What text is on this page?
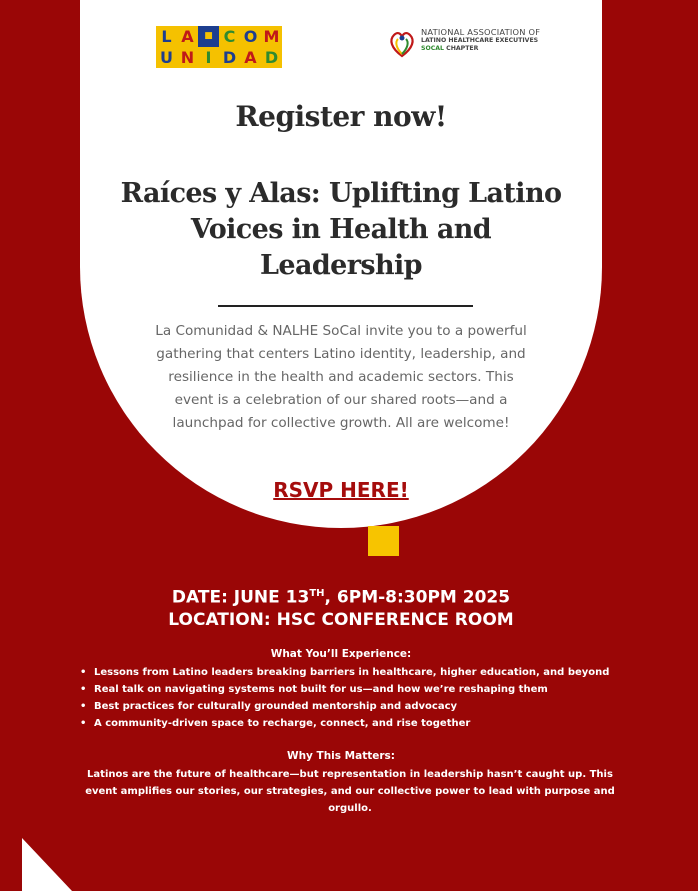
L A	■ C O M
U N I D A D
NATIONAL ASSOCIATION OF
LATINO HEALTHCARE EXECUTIVES
SOCAL CHAPTER
Register now!
Raíces y Alas: Uplifting Latino Voices in Health and Leadership
La Comunidad & NALHE SoCal invite you to a powerful gathering that centers Latino identity, leadership, and resilience in the health and academic sectors. This event is a celebration of our shared roots—and a launchpad for collective growth. All are welcome!
RSVP HERE!
DATE: JUNE 13TH, 6PM-8:30PM 2025
LOCATION: HSC CONFERENCE ROOM
What You’ll Experience:
• Lessons from Latino leaders breaking barriers in healthcare, higher education, and beyond
• Real talk on navigating systems not built for us—and how we’re reshaping them
• Best practices for culturally grounded mentorship and advocacy
• A community-driven space to recharge, connect, and rise together
Why This Matters:
Latinos are the future of healthcare—but representation in leadership hasn’t caught up. This event amplifies our stories, our strategies, and our collective power to lead with purpose and orgullo.
